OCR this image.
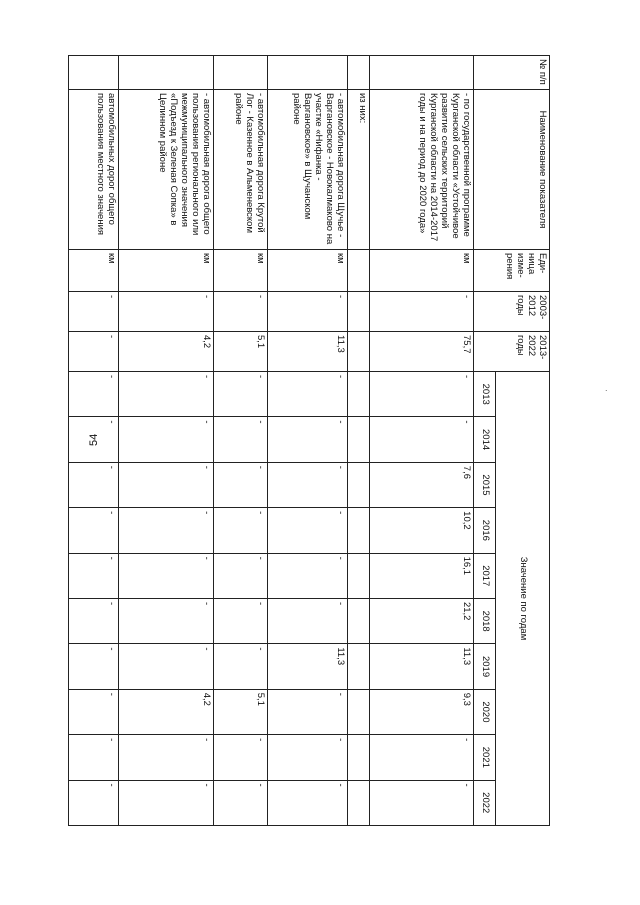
54
.
№ п/п	Наименование показателя	Еди-ница изме-рения	2003-2012 годы	2013-2022 годы	Значение по годам									
					2013	2014	2015	2016	2017	2018	2019	2020	2021	2022
	- по государственной программе Курганской области «Устойчивое развитие сельских территорий Курганской области на 2014-2017 годы и на период до 2020 года»	км	-	75,7	-	-	7,6	10,2	16,1	21,2	11,3	9,3	-	-
	из них:													
	- автомобильная дорога Щучье - Варгановское - Новокалмаково на участке «Нифанка - Варгановское» в Щучанском районе	км	-	11,3	-	-	-	-	-	-	11,3	-	-	-
	- автомобильная дорога Крутой Лог - Казенное в Альменевском районе	км	-	5,1	-	-	-	-	-	-	-	5,1	-	-
	- автомобильная дорога общего пользования регионального или межмуниципального значения «Подъезд к Зеленая Сопка» в Целинном районе	км	-	4,2	-	-	-	-	-	-	-	4,2	-	-
	автомобильных дорог общего пользования местного значения	км	-	-	-	-	-	-	-	-	-	-	-	-
